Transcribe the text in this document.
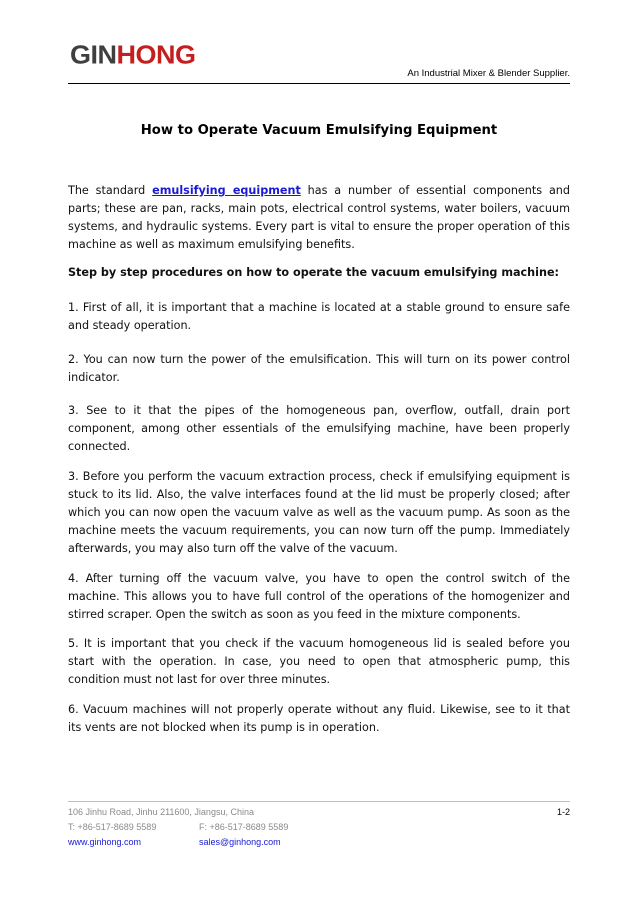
GINHONG
An Industrial Mixer & Blender Supplier.
How to Operate Vacuum Emulsifying Equipment
The standard emulsifying equipment has a number of essential components and parts; these are pan, racks, main pots, electrical control systems, water boilers, vacuum systems, and hydraulic systems. Every part is vital to ensure the proper operation of this machine as well as maximum emulsifying benefits.
Step by step procedures on how to operate the vacuum emulsifying machine:
1. First of all, it is important that a machine is located at a stable ground to ensure safe and steady operation.
2. You can now turn the power of the emulsification. This will turn on its power control indicator.
3. See to it that the pipes of the homogeneous pan, overflow, outfall, drain port component, among other essentials of the emulsifying machine, have been properly connected.
3. Before you perform the vacuum extraction process, check if emulsifying equipment is stuck to its lid. Also, the valve interfaces found at the lid must be properly closed; after which you can now open the vacuum valve as well as the vacuum pump. As soon as the machine meets the vacuum requirements, you can now turn off the pump. Immediately afterwards, you may also turn off the valve of the vacuum.
4. After turning off the vacuum valve, you have to open the control switch of the machine. This allows you to have full control of the operations of the homogenizer and stirred scraper. Open the switch as soon as you feed in the mixture components.
5. It is important that you check if the vacuum homogeneous lid is sealed before you start with the operation. In case, you need to open that atmospheric pump, this condition must not last for over three minutes.
6. Vacuum machines will not properly operate without any fluid. Likewise, see to it that its vents are not blocked when its pump is in operation.
106 Jinhu Road, Jinhu 211600, Jiangsu, China	1-2
T: +86-517-8689 5589	F: +86-517-8689 5589
www.ginhong.com	sales@ginhong.com
